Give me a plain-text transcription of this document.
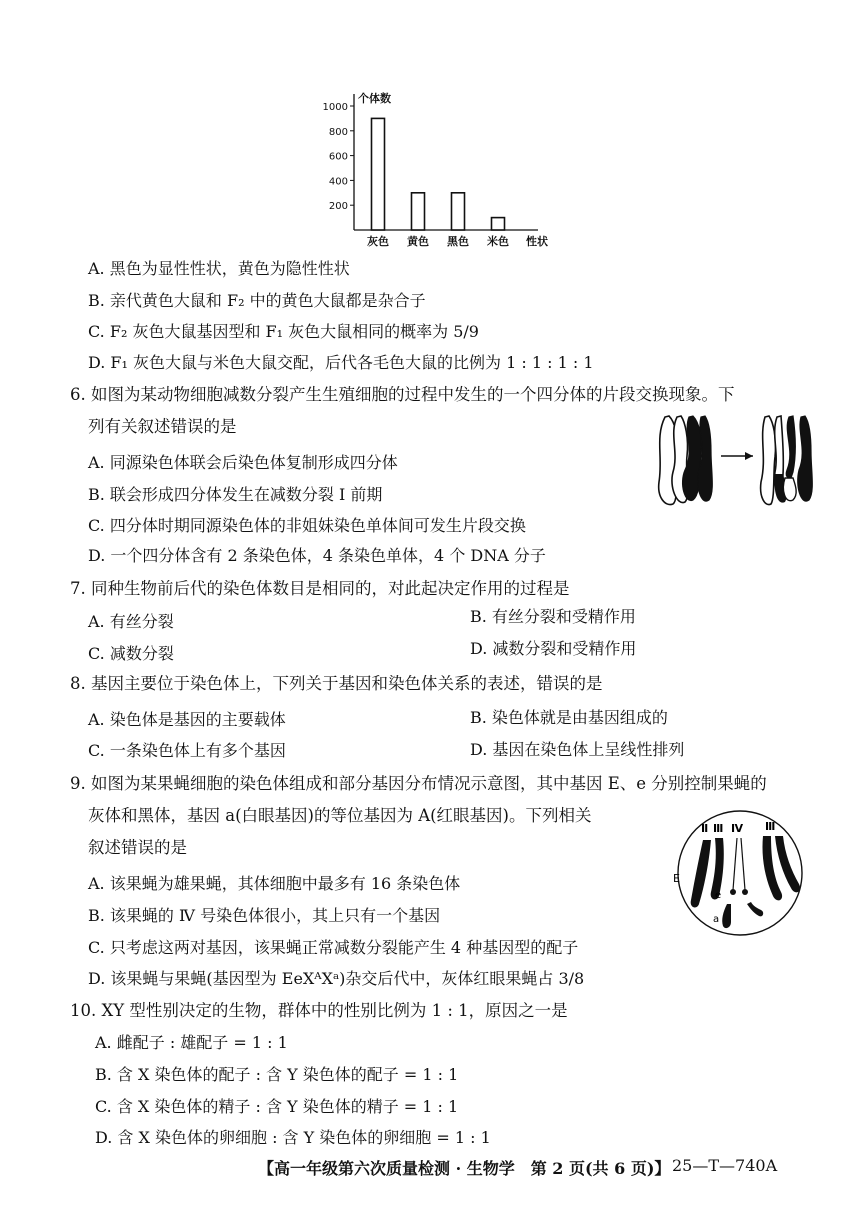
个体数
1000
800
600
400
200
灰色 黄色 黑色 米色 性状
A. 黑色为显性性状，黄色为隐性性状
B. 亲代黄色大鼠和 F₂ 中的黄色大鼠都是杂合子
C. F₂ 灰色大鼠基因型和 F₁ 灰色大鼠相同的概率为 5/9
D. F₁ 灰色大鼠与米色大鼠交配，后代各毛色大鼠的比例为 1 : 1 : 1 : 1
6. 如图为某动物细胞减数分裂产生生殖细胞的过程中发生的一个四分体的片段交换现象。下
列有关叙述错误的是
A. 同源染色体联会后染色体复制形成四分体
B. 联会形成四分体发生在减数分裂 Ⅰ 前期
C. 四分体时期同源染色体的非姐妹染色单体间可发生片段交换
D. 一个四分体含有 2 条染色体，4 条染色单体，4 个 DNA 分子
7. 同种生物前后代的染色体数目是相同的，对此起决定作用的过程是
A. 有丝分裂	B. 有丝分裂和受精作用
C. 减数分裂	D. 减数分裂和受精作用
8. 基因主要位于染色体上，下列关于基因和染色体关系的表述，错误的是
A. 染色体是基因的主要载体	B. 染色体就是由基因组成的
C. 一条染色体上有多个基因	D. 基因在染色体上呈线性排列
9. 如图为某果蝇细胞的染色体组成和部分基因分布情况示意图，其中基因 E、e 分别控制果蝇的
灰体和黑体，基因 a(白眼基因)的等位基因为 A(红眼基因)。下列相关
叙述错误的是
A. 该果蝇为雄果蝇，其体细胞中最多有 16 条染色体
B. 该果蝇的 Ⅳ 号染色体很小，其上只有一个基因
C. 只考虑这两对基因，该果蝇正常减数分裂能产生 4 种基因型的配子
D. 该果蝇与果蝇(基因型为 EeXᴬXᵃ)杂交后代中，灰体红眼果蝇占 3/8
Ⅱ Ⅲ Ⅳ Ⅲ
E
e
a
10. XY 型性别决定的生物，群体中的性别比例为 1 : 1，原因之一是
A. 雌配子 : 雄配子 = 1 : 1
B. 含 X 染色体的配子 : 含 Y 染色体的配子 = 1 : 1
C. 含 X 染色体的精子 : 含 Y 染色体的精子 = 1 : 1
D. 含 X 染色体的卵细胞 : 含 Y 染色体的卵细胞 = 1 : 1
【高一年级第六次质量检测 · 生物学　第 2 页(共 6 页)】 25—T—740A
